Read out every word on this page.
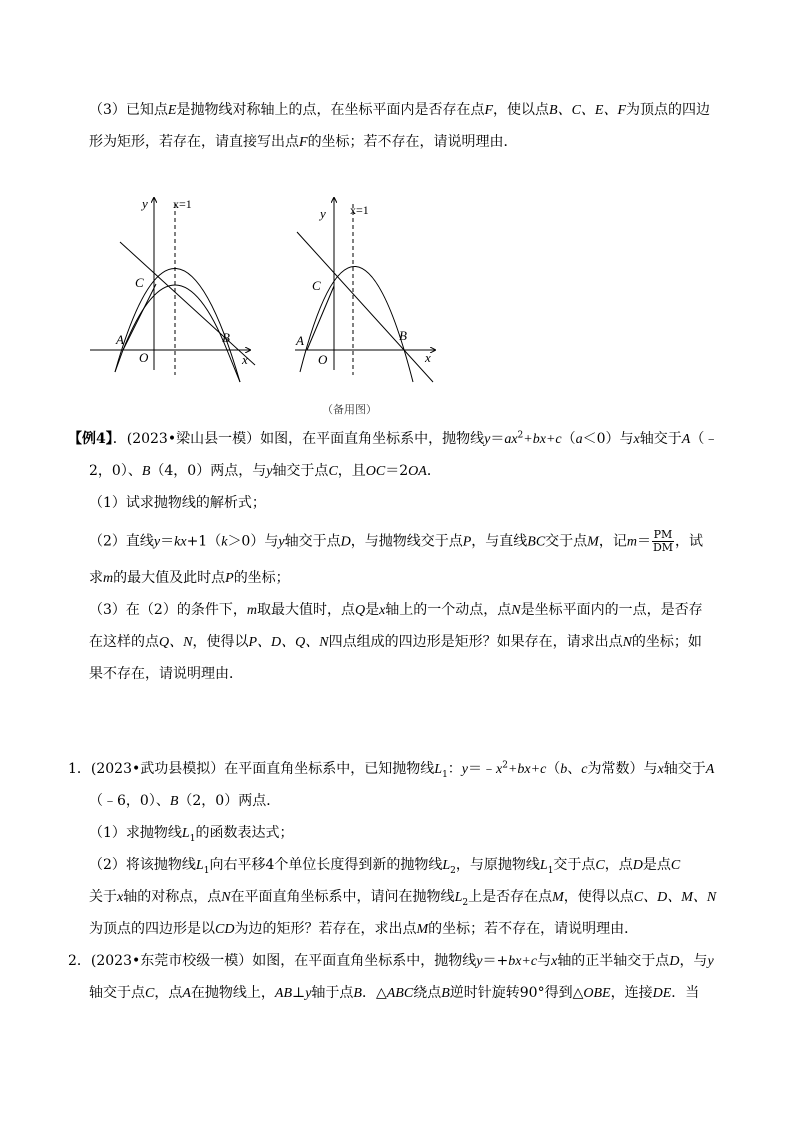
（3）已知点E是抛物线对称轴上的点，在坐标平面内是否存在点F，使以点B、C、E、F为顶点的四边
形为矩形，若存在，请直接写出点F的坐标；若不存在，请说明理由．
y x=1
C
A
O
B
x
y x=1
C
A
O
B
x
（备用图）
【例4】．(2023•梁山县一模）如图，在平面直角坐标系中，抛物线$y=ax^2+bx+c(a<0)$与x轴交于A（﹣
2，0）、B（4，0）两点，与y轴交于点C，且OC＝2OA．
（1）试求抛物线的解析式；
（2）直线y＝kx+1（k＞0）与y轴交于点D，与抛物线交于点P，与直线BC交于点M，记$m= \frac{PM}{DM}$ ，试
求m的最大值及此时点P的坐标；
（3）在（2）的条件下，m取最大值时，点Q是x轴上的一个动点，点N是坐标平面内的一点，是否存
在这样的点Q、N，使得以P、D、Q、N四点组成的四边形是矩形？如果存在，请求出点N的坐标；如
果不存在，请说明理由．
1．(2023•武功县模拟）在平面直角坐标系中，已知抛物线$L_1$：$y=﹣x^2+bx+c(b$、c为常数）与x轴交于A
（﹣6，0）、B（2，0）两点．
（1）求抛物线$L_1$的函数表达式；
（2）将该抛物线$L_1$向右平移4个单位长度得到新的抛物线$L_2$，与原抛物线$L_1$交于点C，点D是点C
关于x轴的对称点，点N在平面直角坐标系中，请问在抛物线$L_2$上是否存在点M，使得以点C、D、M、N
为顶点的四边形是以CD为边的矩形？若存在，求出点M的坐标；若不存在，请说明理由．
2．(2023•东莞市校级一模）如图，在平面直角坐标系中，抛物线y＝+bx+c与x轴的正半轴交于点D，与y
轴交于点C，点A在抛物线上，AB⊥y轴于点B．△ABC绕点B逆时针旋转90°得到△OBE，连接DE．当
